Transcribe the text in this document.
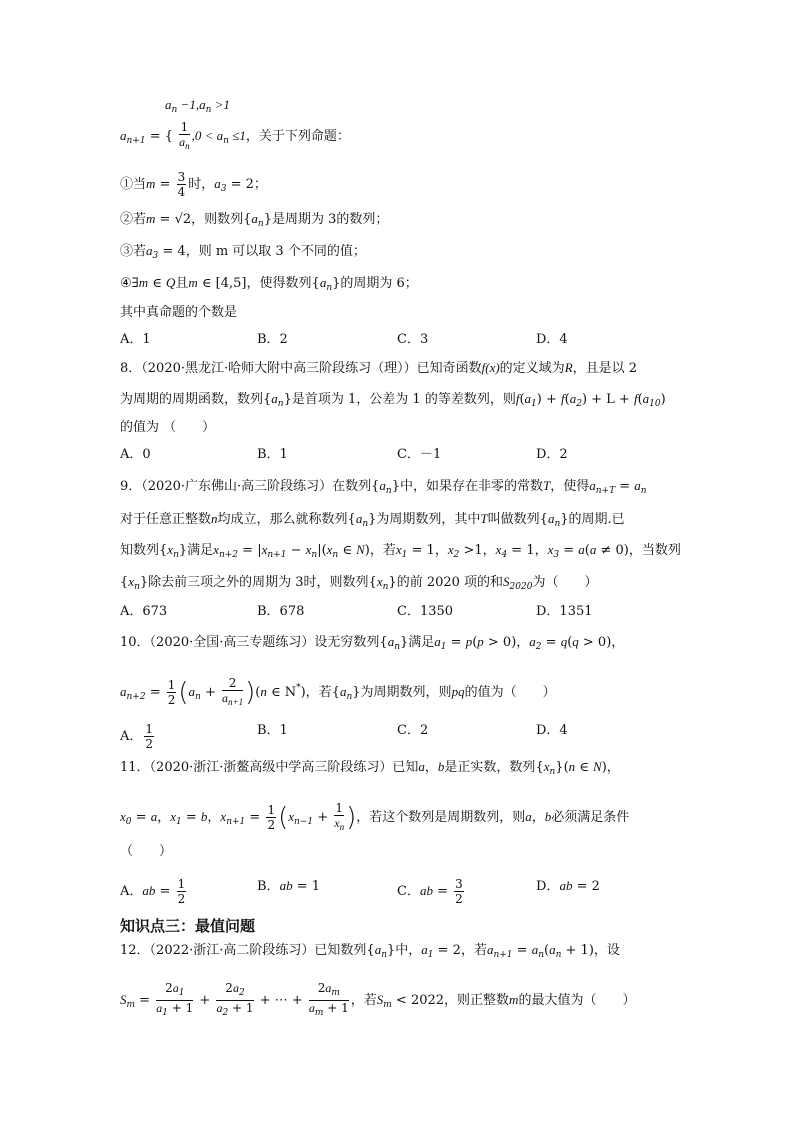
$a_n -1,a_n >1$
$a_{n+1}$ = { $\frac{1}{a_n} ,0 < a_n \le 1$，关于下列命题：
①当$m = \frac{3}{4}$ 时，$a_3 = 2$；
②若m = √2，则数列$\{a_n\}$是周期为 3的数列；
③若$a_3 = 4$，则 m 可以取 3 个不同的值；
④∃m ∈ Q且m ∈ [4,5]，使得数列$\{a_n\}$的周期为 6；
其中真命题的个数是
A．1	B．2	C．3	D．4
8．（2020·黑龙江·哈师大附中高三阶段练习（理））已知奇函数f(x)的定义域为R，且是以 2
为周期的周期函数，数列$\{a_n\}$是首项为 1，公差为 1 的等差数列，则$f(a_1) + f(a_2) + L + f(a_{10})$
的值为 （　　）
A．0	B．1	C．－1	D．2
9．（2020·广东佛山·高三阶段练习）在数列$\{a_n\}$中，如果存在非零的常数T，使得$a_{n+T} = a_n$
对于任意正整数n均成立，那么就称数列$\{a_n\}$为周期数列，其中T叫做数列$\{a_n\}$的周期.已
知数列$\{x_n\}$满足$x_{n+2} = |x_{n+1} - x_n|(x_n$ ∈ N)，若$x_1 = 1$，$x_2 >1$，$x_4 = 1$，$x_3 = a(a \ne 0)$，当数列
$\{x_n\}$除去前三项之外的周期为 3时，则数列$\{x_n\}$的前 2020 项的和$S_{2020}$为（　　）
A．673	B．678	C．1350	D．1351
10．（2020·全国·高三专题练习）设无穷数列$\{a_n\}$满足$a_1 = p(p > 0)$，$a_2 = q(q > 0)$，
$a_{n+2} = \frac{1}{2} (a_n + \frac{2}{a_{n+1}} )(n$ ∈ N*)，若$\{a_n\}$为周期数列，则pq的值为（　　）
A． $\frac{1}{2}$	B．1	C．2	D．4
11．（2020·浙江·浙鳌高级中学高三阶段练习）已知a，b是正实数，数列$\{x_n\}(n$ ∈ N)，
$x_0 = a$，$x_1 = b$，$x_{n+1} = \frac{1}{2} (x_{n-1} + \frac{1}{x_n}$ )，若这个数列是周期数列，则a，b必须满足条件
（　　）
A．ab = $\frac{1}{2}$	B．ab = 1	C．ab = $\frac{3}{2}$	D．ab = 2
知识点三：最值问题
12．（2022·浙江·高二阶段练习）已知数列$\{a_n\}$中，$a_1 = 2$，若$a_{n+1} = a_n(a_n + 1)$，设
$S_m = \frac{2a_1}{a_1 + 1} + \frac{2a_2}{a_2 + 1}$ + ⋯ + $\frac{2a_m}{a_m + 1}$ ，若$S_m < 2022$，则正整数m的最大值为（　　）
